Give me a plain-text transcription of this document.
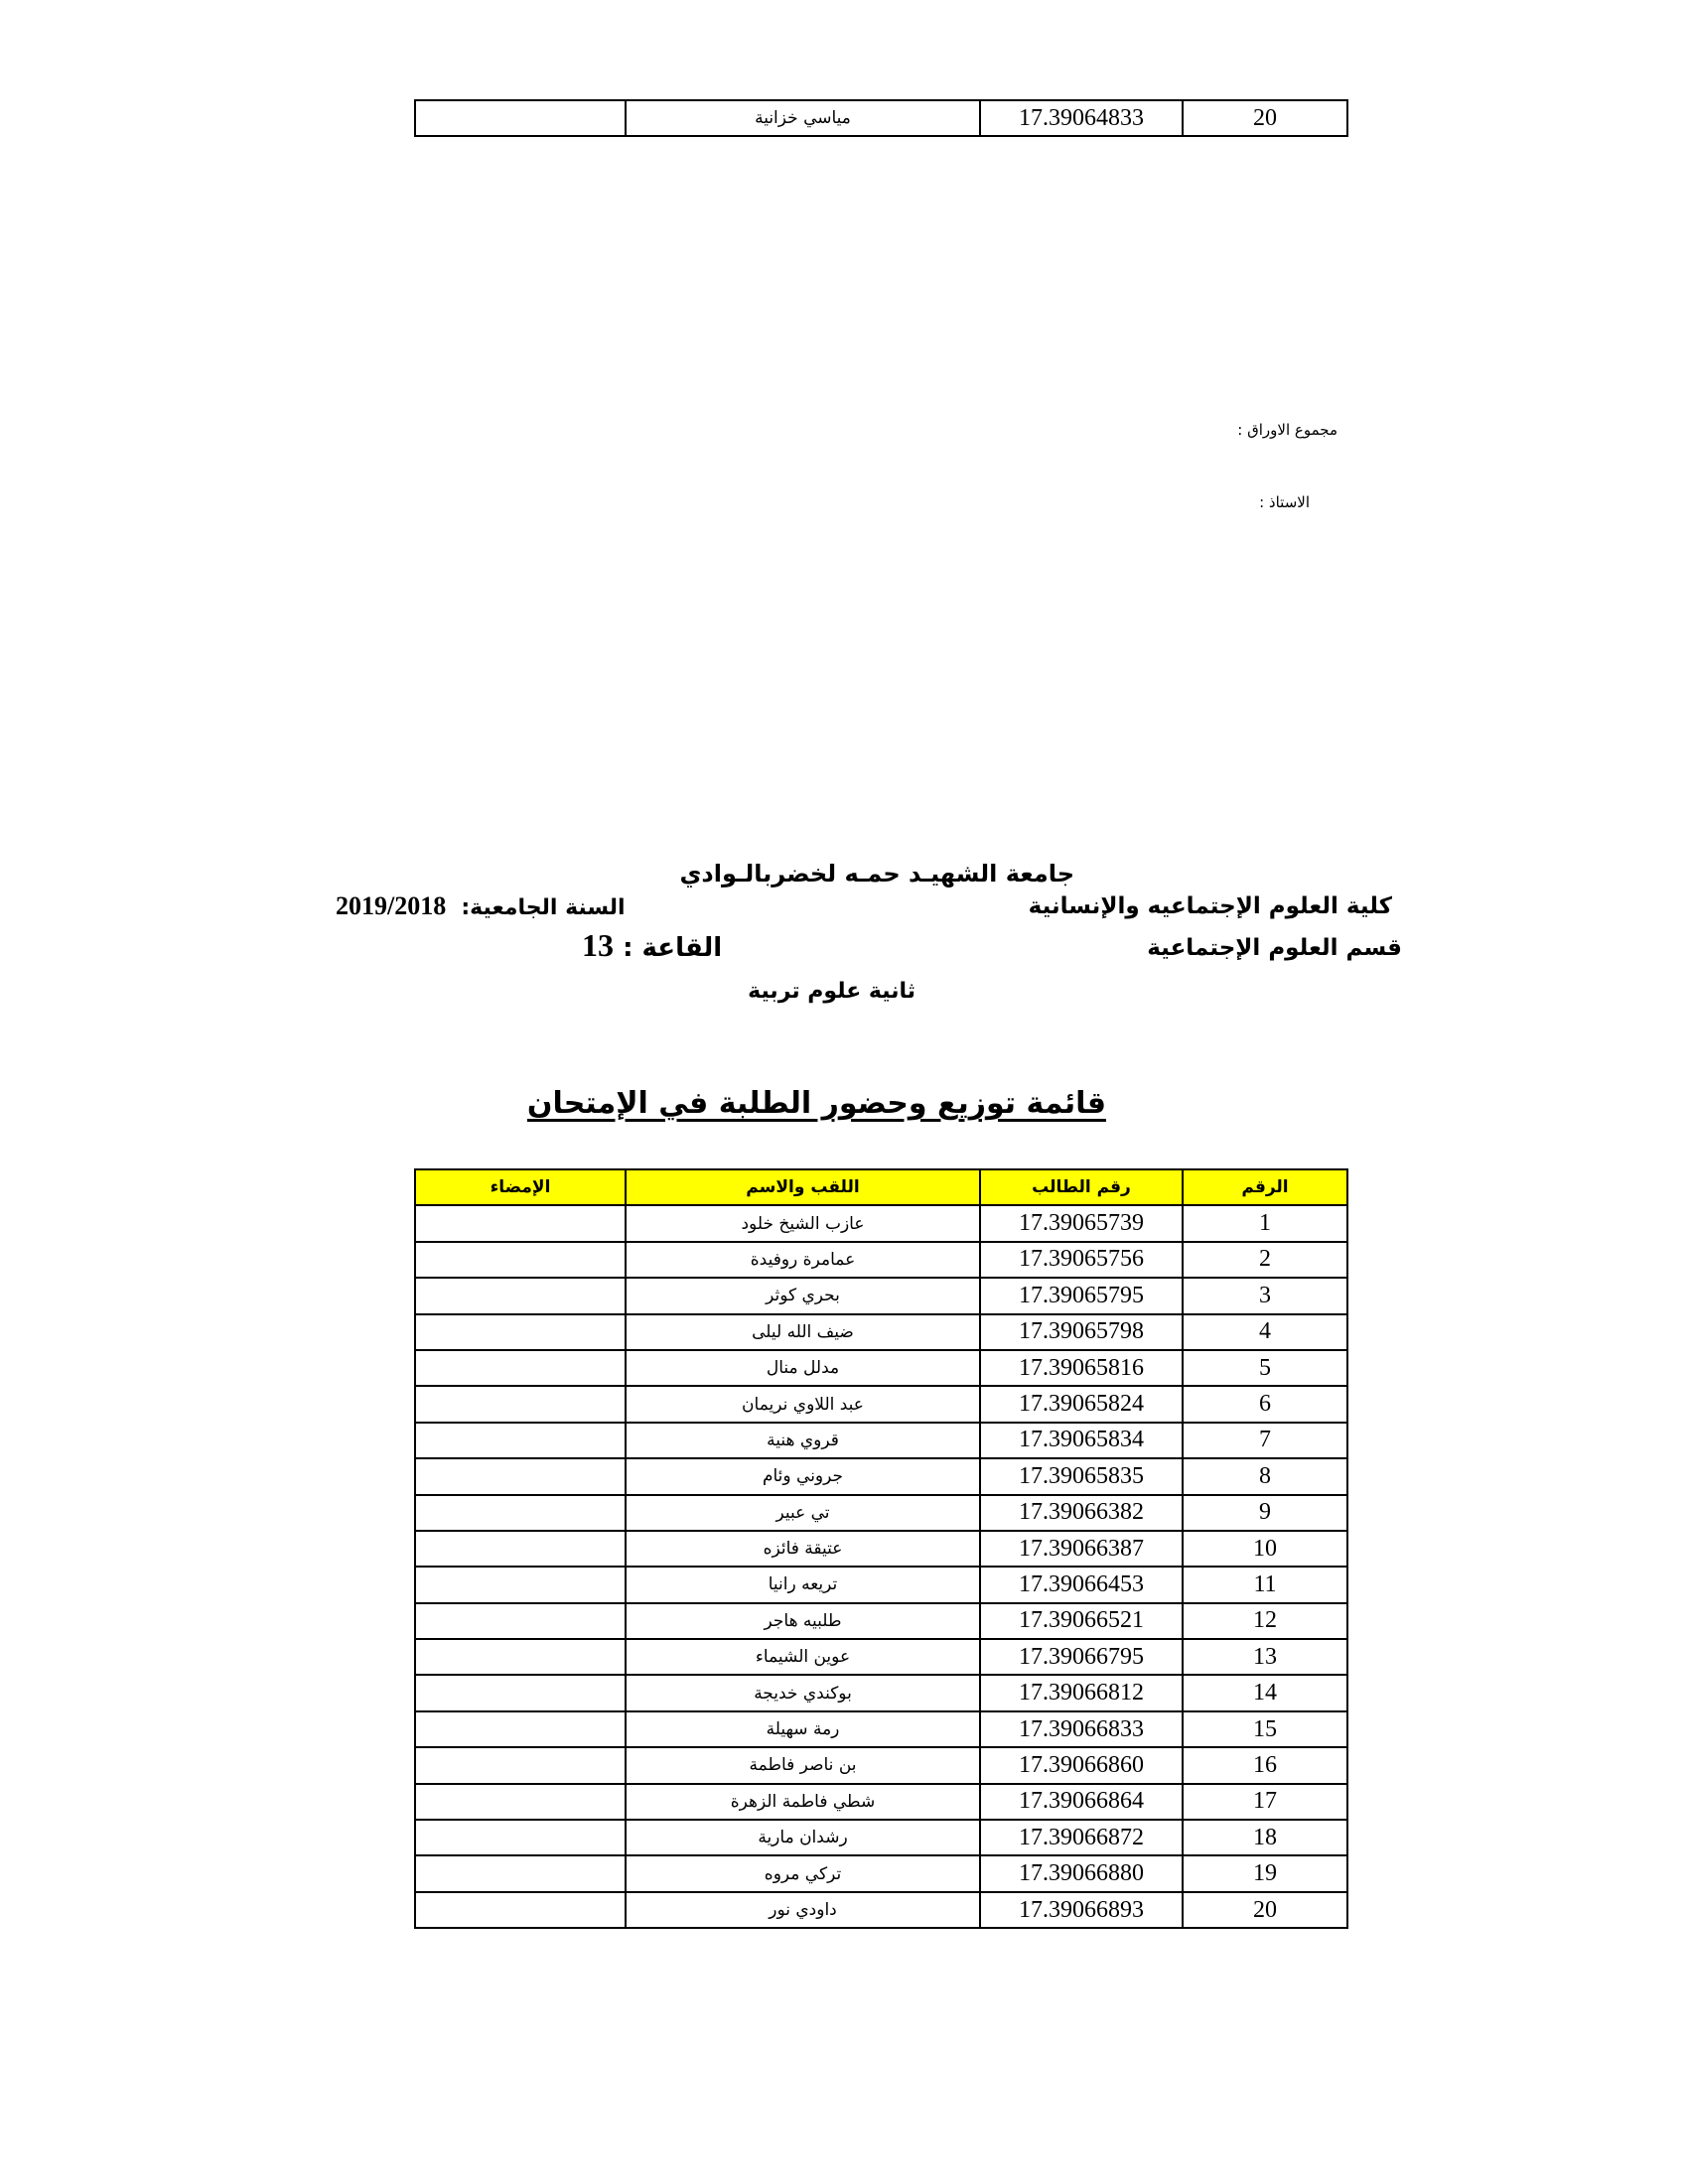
	مياسي خزانية	17.39064833	20
مجموع الاوراق :
الاستاذ :
جامعة الشهيـد حمـه لخضربالـوادي
كلية العلوم الإجتماعيه والإنسانية
2019/2018 السنة الجامعية:
قسم العلوم الإجتماعية
13 القاعة :
ثانية علوم تربية
قائمة توزيع وحضور الطلبة في الإمتحان
الإمضاء	اللقب والاسم	رقم الطالب	الرقم
	عازب الشيخ خلود	17.39065739	1
	عمامرة روفيدة	17.39065756	2
	بحري كوثر	17.39065795	3
	ضيف الله ليلى	17.39065798	4
	مدلل منال	17.39065816	5
	عبد اللاوي نريمان	17.39065824	6
	قروي هنية	17.39065834	7
	جروني وئام	17.39065835	8
	تي عبير	17.39066382	9
	عتيقة فائزه	17.39066387	10
	تريعه رانيا	17.39066453	11
	طلبيه هاجر	17.39066521	12
	عوين الشيماء	17.39066795	13
	بوكندي خديجة	17.39066812	14
	رمة سهيلة	17.39066833	15
	بن ناصر فاطمة	17.39066860	16
	شطي فاطمة الزهرة	17.39066864	17
	رشدان مارية	17.39066872	18
	تركي مروه	17.39066880	19
	داودي نور	17.39066893	20
